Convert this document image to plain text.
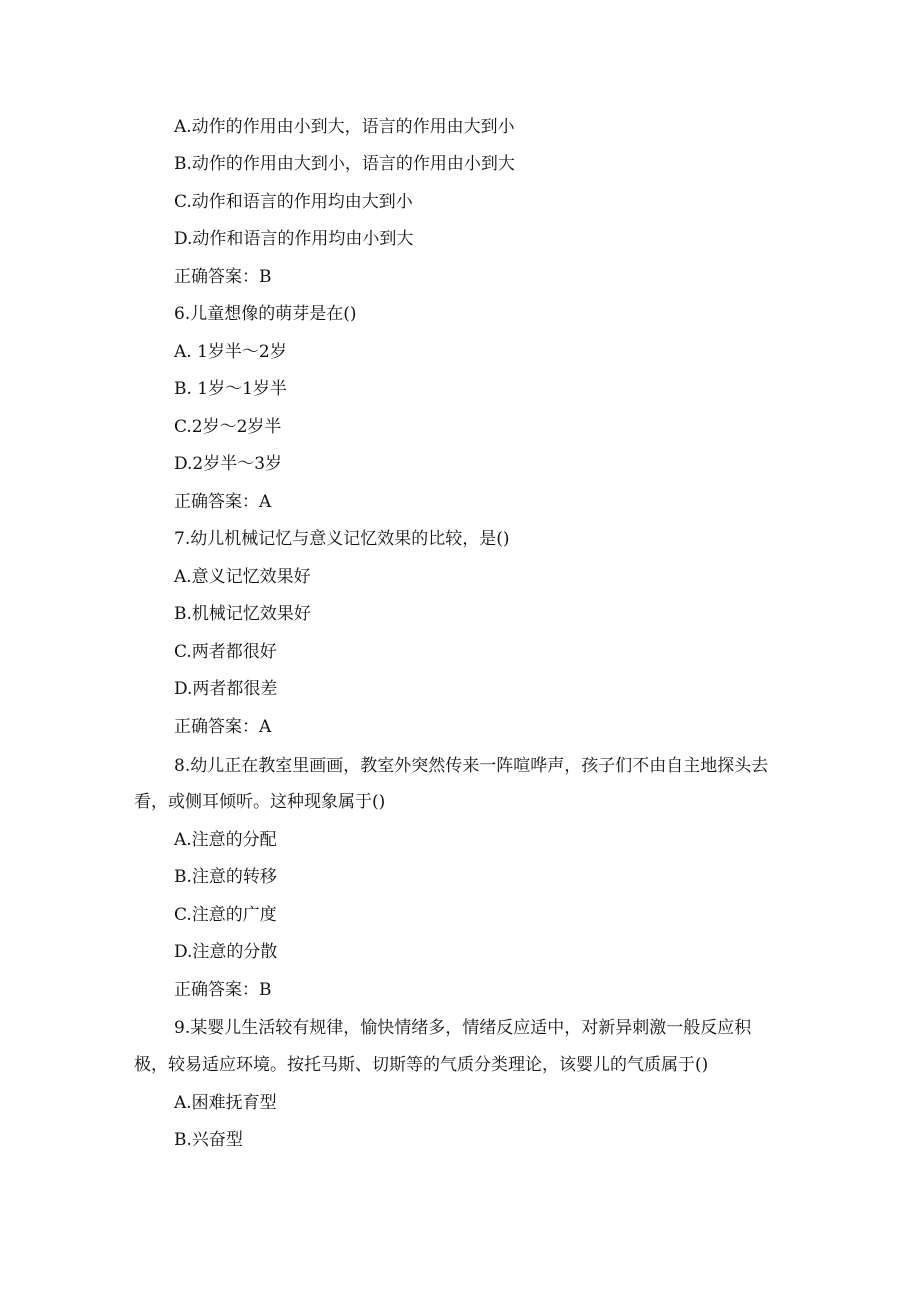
A.动作的作用由小到大，语言的作用由大到小
B.动作的作用由大到小，语言的作用由小到大
C.动作和语言的作用均由大到小
D.动作和语言的作用均由小到大
正确答案：B
6.儿童想像的萌芽是在()
A. 1岁半～2岁
B. 1岁～1岁半
C.2岁～2岁半
D.2岁半～3岁
正确答案：A
7.幼儿机械记忆与意义记忆效果的比较，是()
A.意义记忆效果好
B.机械记忆效果好
C.两者都很好
D.两者都很差
正确答案：A
8.幼儿正在教室里画画，教室外突然传来一阵喧哗声，孩子们不由自主地探头去
看，或侧耳倾听。这种现象属于()
A.注意的分配
B.注意的转移
C.注意的广度
D.注意的分散
正确答案：B
9.某婴儿生活较有规律，愉快情绪多，情绪反应适中，对新异刺激一般反应积
极，较易适应环境。按托马斯、切斯等的气质分类理论，该婴儿的气质属于()
A.困难抚育型
B.兴奋型
